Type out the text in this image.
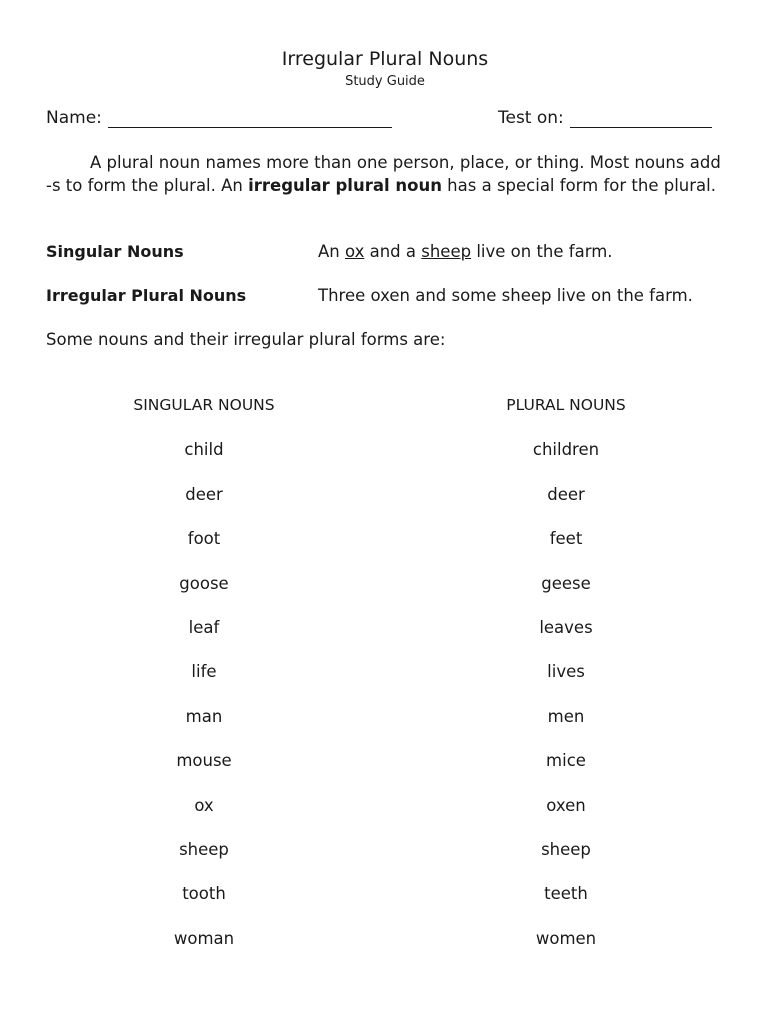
Irregular Plural Nouns
Study Guide
Name:	Test on:
A plural noun names more than one person, place, or thing. Most nouns add -s to form the plural. An irregular plural noun has a special form for the plural.
Singular Nouns	An ox and a sheep live on the farm.
Irregular Plural Nouns	Three oxen and some sheep live on the farm.
Some nouns and their irregular plural forms are:
SINGULAR NOUNS	PLURAL NOUNS
child	children
deer	deer
foot	feet
goose	geese
leaf	leaves
life	lives
man	men
mouse	mice
ox	oxen
sheep	sheep
tooth	teeth
woman	women
